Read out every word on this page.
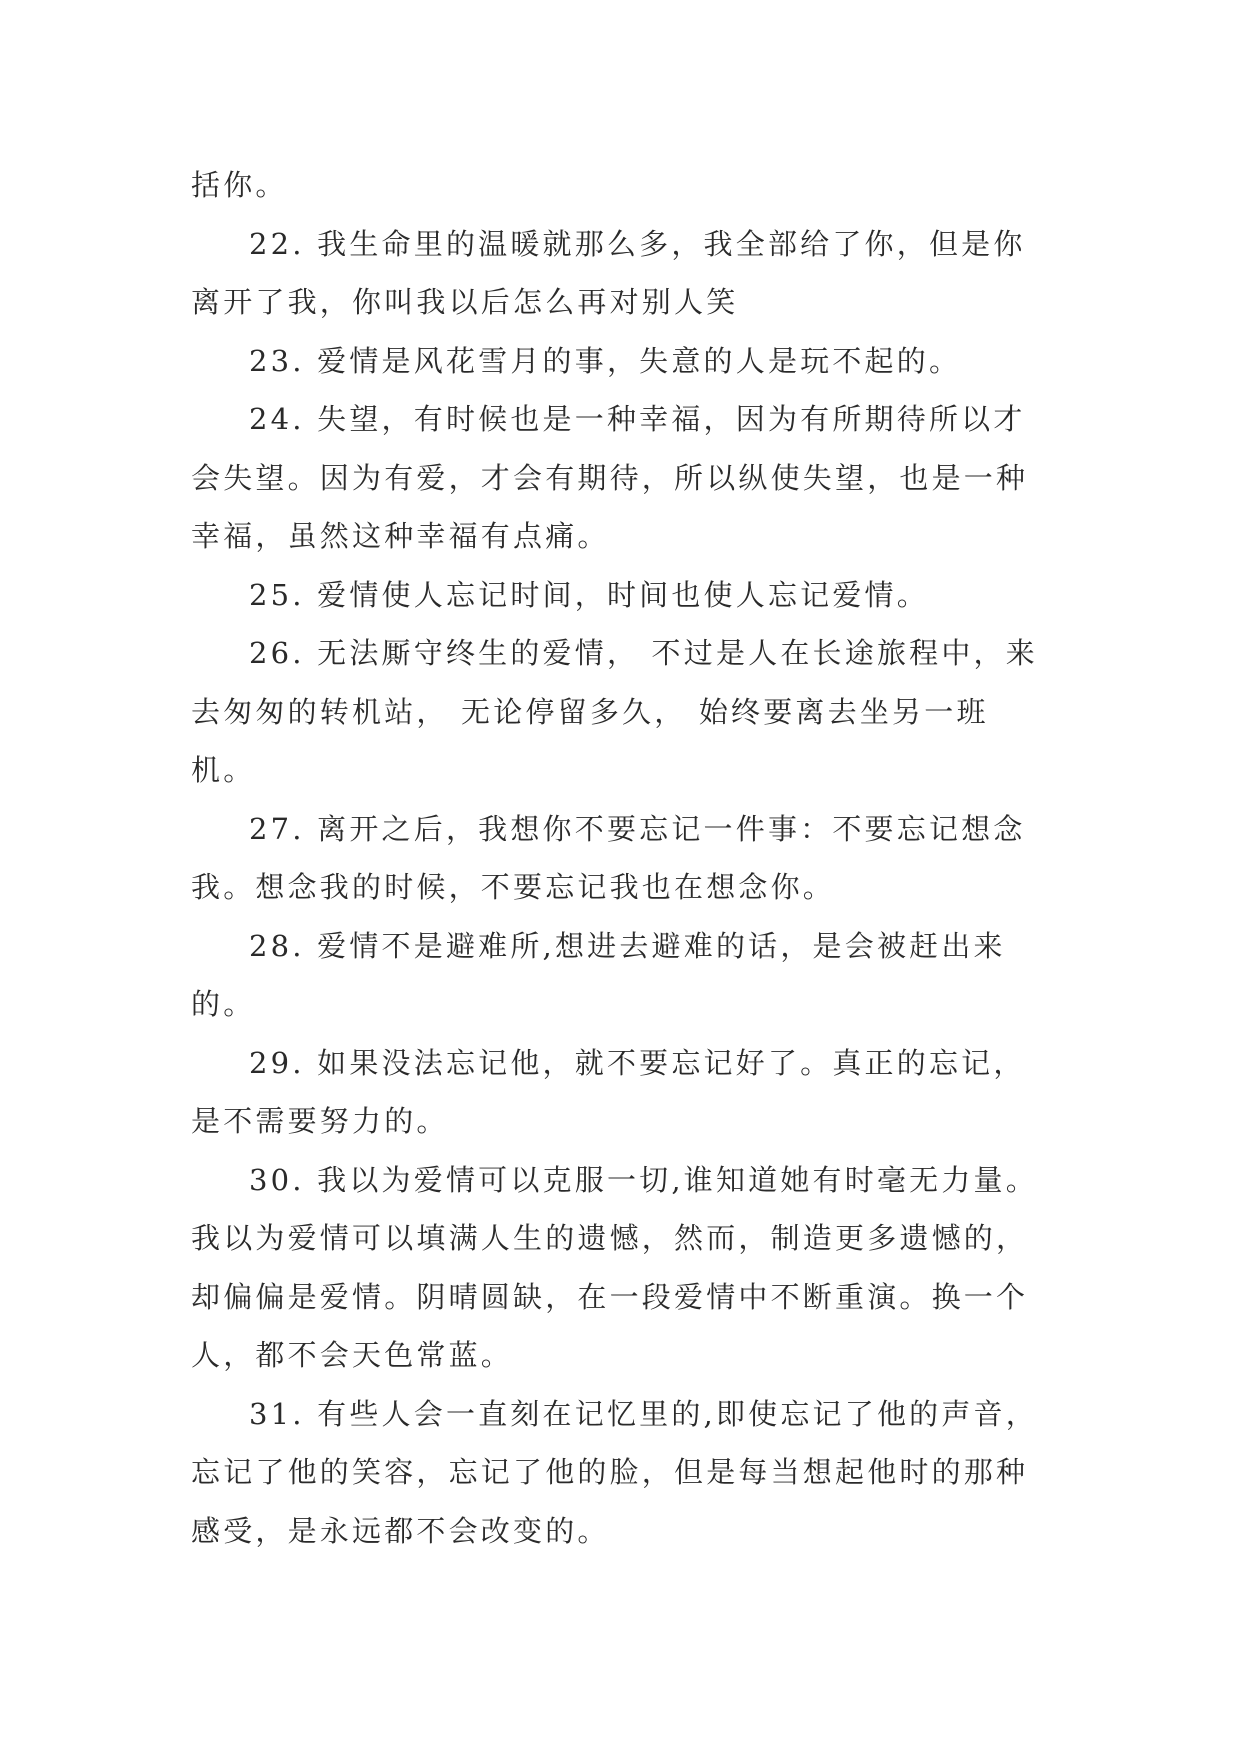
括你。

22. 我生命里的温暖就那么多，我全部给了你，但是你离开了我，你叫我以后怎么再对别人笑

23. 爱情是风花雪月的事，失意的人是玩不起的。

24. 失望，有时候也是一种幸福，因为有所期待所以才会失望。因为有爱，才会有期待，所以纵使失望，也是一种幸福，虽然这种幸福有点痛。

25. 爱情使人忘记时间，时间也使人忘记爱情。

26. 无法厮守终生的爱情， 不过是人在长途旅程中，来去匆匆的转机站， 无论停留多久， 始终要离去坐另一班机。

27. 离开之后，我想你不要忘记一件事：不要忘记想念我。想念我的时候，不要忘记我也在想念你。

28. 爱情不是避难所,想进去避难的话，是会被赶出来的。

29. 如果没法忘记他，就不要忘记好了。真正的忘记，是不需要努力的。

30. 我以为爱情可以克服一切,谁知道她有时毫无力量。我以为爱情可以填满人生的遗憾，然而，制造更多遗憾的，却偏偏是爱情。阴晴圆缺，在一段爱情中不断重演。换一个人，都不会天色常蓝。

31. 有些人会一直刻在记忆里的,即使忘记了他的声音，忘记了他的笑容，忘记了他的脸，但是每当想起他时的那种感受，是永远都不会改变的。
